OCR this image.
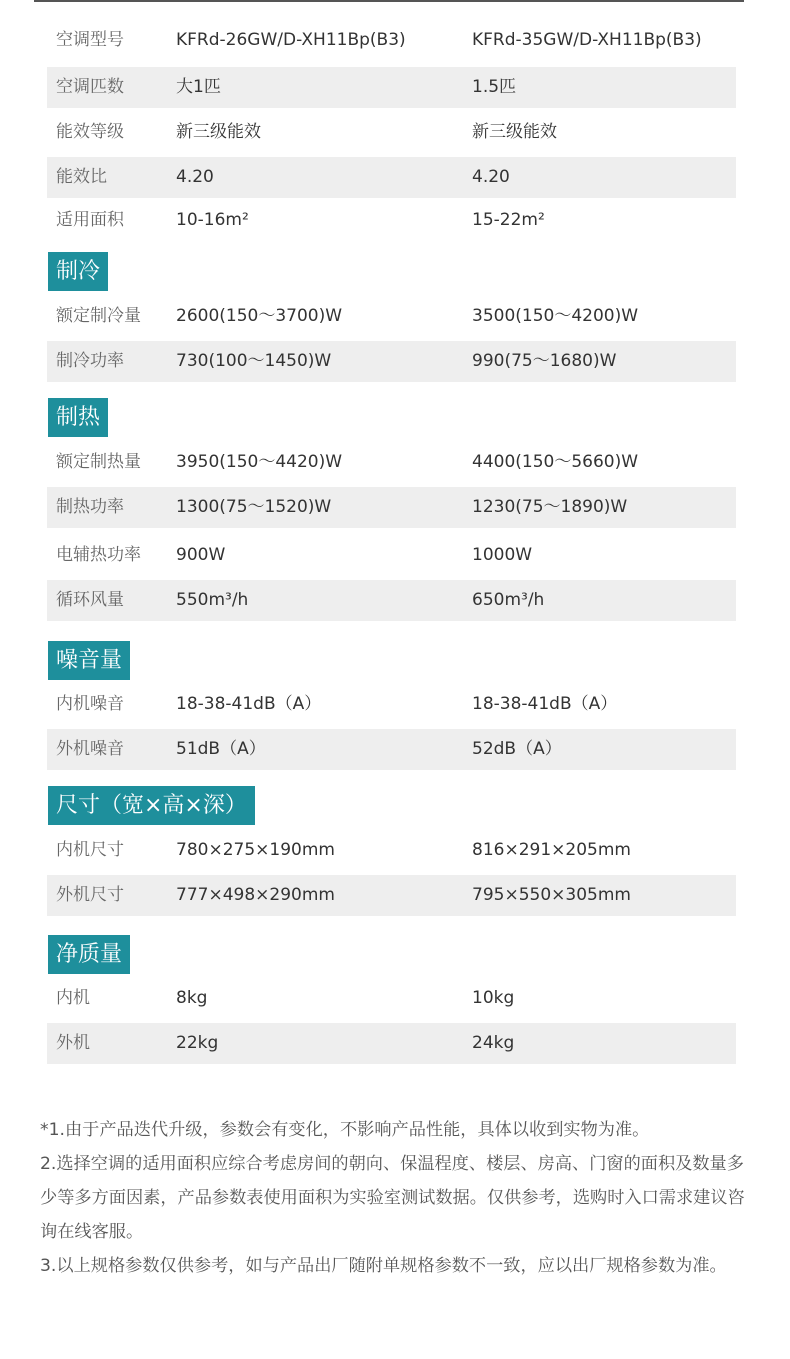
空调型号	KFRd-26GW/D-XH11Bp(B3)	KFRd-35GW/D-XH11Bp(B3)
空调匹数	大1匹	1.5匹
能效等级	新三级能效	新三级能效
能效比	4.20	4.20
适用面积	10-16m²	15-22m²
制冷
额定制冷量 2600(150～3700)W	3500(150～4200)W
制冷功率	730(100～1450)W	990(75～1680)W
制热
额定制热量 3950(150～4420)W	4400(150～5660)W
制热功率	1300(75～1520)W	1230(75～1890)W
电辅热功率 900W	1000W
循环风量	550m³/h	650m³/h
噪音量
内机噪音	18-38-41dB（A）	18-38-41dB（A）
外机噪音	51dB（A）	52dB（A）
尺寸（宽×高×深）
内机尺寸	780×275×190mm	816×291×205mm
外机尺寸	777×498×290mm	795×550×305mm
净质量
内机	8kg	10kg
外机	22kg	24kg

*1.由于产品迭代升级，参数会有变化，不影响产品性能，具体以收到实物为准。

2.选择空调的适用面积应综合考虑房间的朝向、保温程度、楼层、房高、门窗的面积及数量多少等多方面因素，产品参数表使用面积为实验室测试数据。仅供参考，选购时入口需求建议咨询在线客服。

3.以上规格参数仅供参考，如与产品出厂随附单规格参数不一致，应以出厂规格参数为准。
